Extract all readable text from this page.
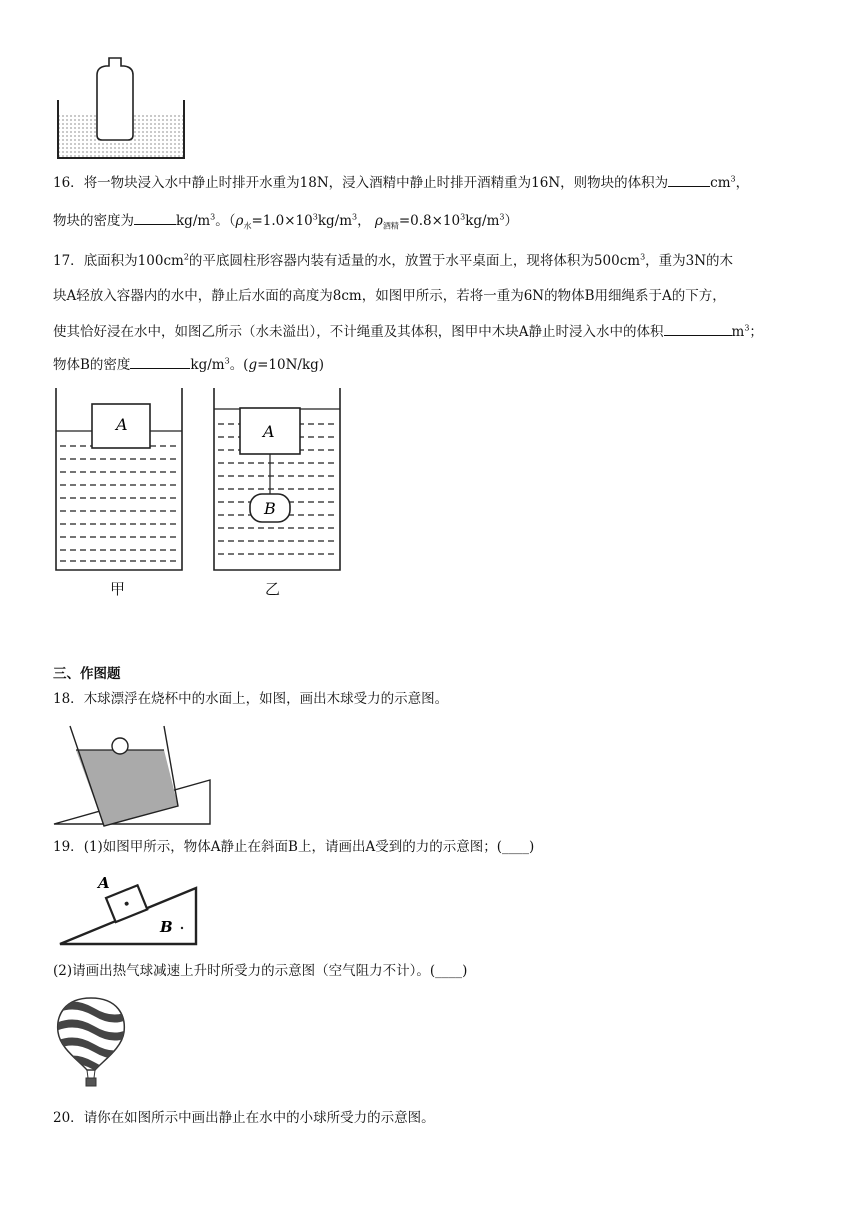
16．将一物块浸入水中静止时排开水重为18N，浸入酒精中静止时排开酒精重为16N，则物块的体积为	$cm^3$，
物块的密度为	$kg/m^3$。（$\rho_水=1.0\times 10^3kg/m^3$， $\rho_{酒精}=0.8\times 10^3kg/m^3$）
17．底面积为$100cm^2$的平底圆柱形容器内装有适量的水，放置于水平桌面上，现将体积为$500cm^3$，重为3N的木
块A轻放入容器内的水中，静止后水面的高度为8cm，如图甲所示，若将一重为6N的物体B用细绳系于A的下方，
使其恰好浸在水中，如图乙所示（水未溢出），不计绳重及其体积，图甲中木块A静止时浸入水中的体积	$m^3$；
物体B的密度	$kg/m^3$。(g=10N/kg)
A
甲
A
B
乙
三、作图题
18．木球漂浮在烧杯中的水面上，如图，画出木球受力的示意图。
19．(1)如图甲所示，物体A静止在斜面B上，请画出A受到的力的示意图；(____)
A
B
(2)请画出热气球减速上升时所受力的示意图（空气阻力不计）。(____)
20．请你在如图所示中画出静止在水中的小球所受力的示意图。
